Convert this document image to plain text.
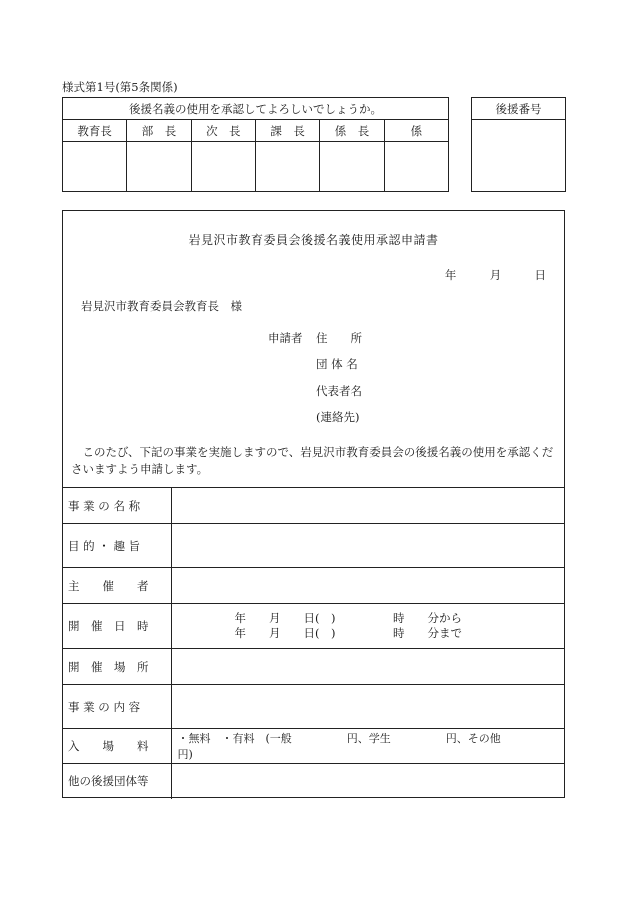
様式第1号(第5条関係)
後援名義の使用を承認してよろしいでしょうか。					
教育長	部　長	次　長	課　長	係　長	係

後援番号

岩見沢市教育委員会後援名義使用承認申請書
年	月	日
岩見沢市教育委員会教育長　様
申請者 住　　所
団 体 名
代表者名
(連絡先)
このたび、下記の事業を実施しますので、岩見沢市教育委員会の後援名義の使用を承認くださいますよう申請します。
事 業 の 名 称	
目 的 ・ 趣 旨	
主　　催　　者	
開　催　日　時	年　　月　　日(　)　　　　　時　　分から
年　　月　　日(　)　　　　　時　　分まで

開　催　場　所	
事 業 の 内 容	
入　　場　　料	・無料　・有料　(一般　　　　　円、学生　　　　　円、その他　　　　　円)
他の後援団体等	
